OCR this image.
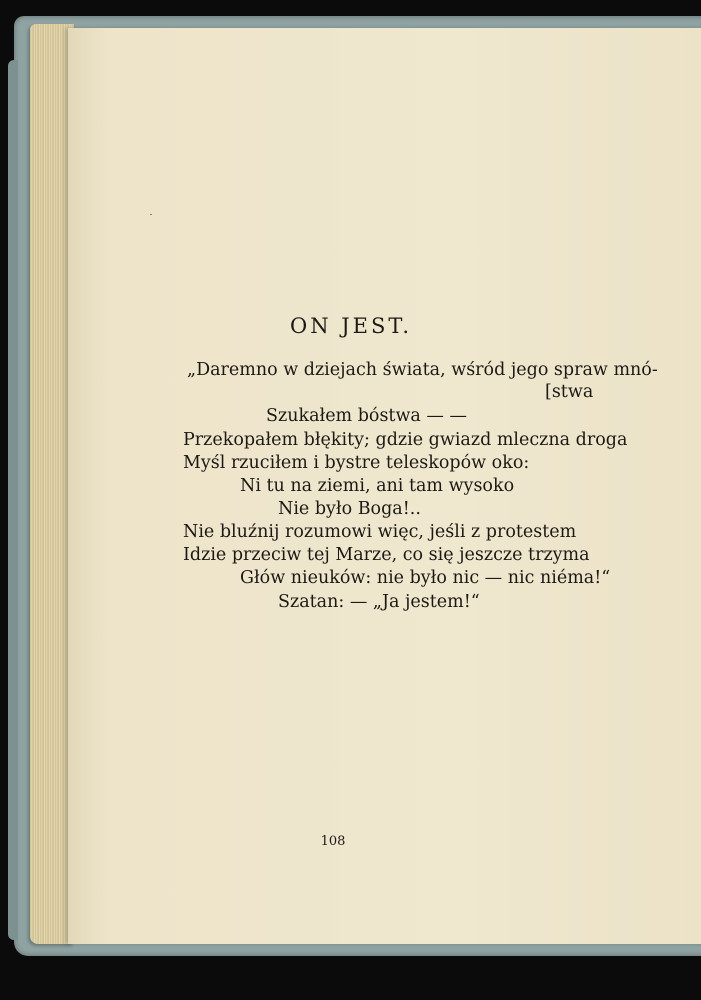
ON JEST.
„Daremno w dziejach świata, wśród jego spraw mnó-
[stwa
Szukałem bóstwa — —
Przekopałem błękity; gdzie gwiazd mleczna droga
Myśl rzuciłem i bystre teleskopów oko:
Ni tu na ziemi, ani tam wysoko
Nie było Boga!..
Nie bluźnij rozumowi więc, jeśli z protestem
Idzie przeciw tej Marze, co się jeszcze trzyma
Głów nieuków: nie było nic — nic niéma!“
Szatan: — „Ja jestem!“
108
